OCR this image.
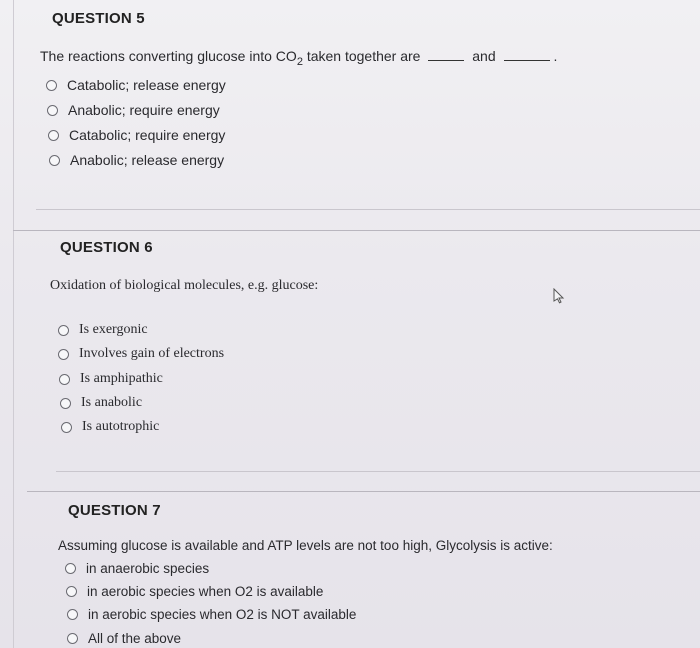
QUESTION 5
The reactions converting glucose into $CO_2$ taken together are	and	.
Catabolic; release energy
Anabolic; require energy
Catabolic; require energy
Anabolic; release energy
QUESTION 6
Oxidation of biological molecules, e.g. glucose:
Is exergonic
Involves gain of electrons
Is amphipathic
Is anabolic
Is autotrophic
QUESTION 7
Assuming glucose is available and ATP levels are not too high, Glycolysis is active:
in anaerobic species
in aerobic species when O2 is available
in aerobic species when O2 is NOT available
All of the above
